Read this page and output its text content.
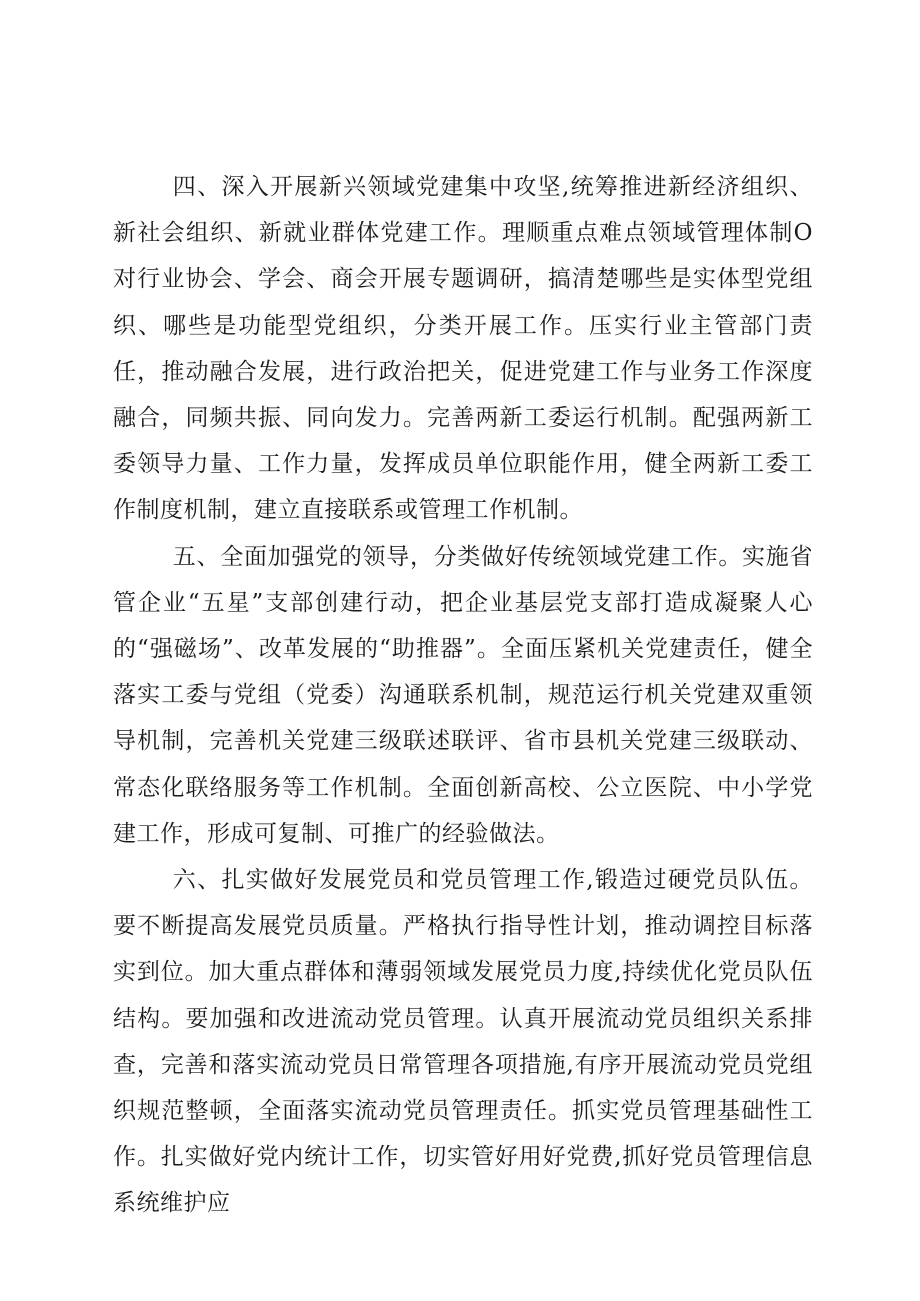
四、深入开展新兴领域党建集中攻坚,统筹推进新经济组织、新社会组织、新就业群体党建工作。理顺重点难点领域管理体制O对行业协会、学会、商会开展专题调研，搞清楚哪些是实体型党组织、哪些是功能型党组织，分类开展工作。压实行业主管部门责任，推动融合发展，进行政治把关，促进党建工作与业务工作深度融合，同频共振、同向发力。完善两新工委运行机制。配强两新工委领导力量、工作力量，发挥成员单位职能作用，健全两新工委工作制度机制，建立直接联系或管理工作机制。

五、全面加强党的领导，分类做好传统领域党建工作。实施省管企业“五星”支部创建行动，把企业基层党支部打造成凝聚人心的“强磁场”、改革发展的“助推器”。全面压紧机关党建责任，健全落实工委与党组（党委）沟通联系机制，规范运行机关党建双重领导机制，完善机关党建三级联述联评、省市县机关党建三级联动、常态化联络服务等工作机制。全面创新高校、公立医院、中小学党建工作，形成可复制、可推广的经验做法。

六、扎实做好发展党员和党员管理工作,锻造过硬党员队伍。要不断提高发展党员质量。严格执行指导性计划，推动调控目标落实到位。加大重点群体和薄弱领域发展党员力度,持续优化党员队伍结构。要加强和改进流动党员管理。认真开展流动党员组织关系排查，完善和落实流动党员日常管理各项措施,有序开展流动党员党组织规范整顿，全面落实流动党员管理责任。抓实党员管理基础性工作。扎实做好党内统计工作，切实管好用好党费,抓好党员管理信息系统维护应
